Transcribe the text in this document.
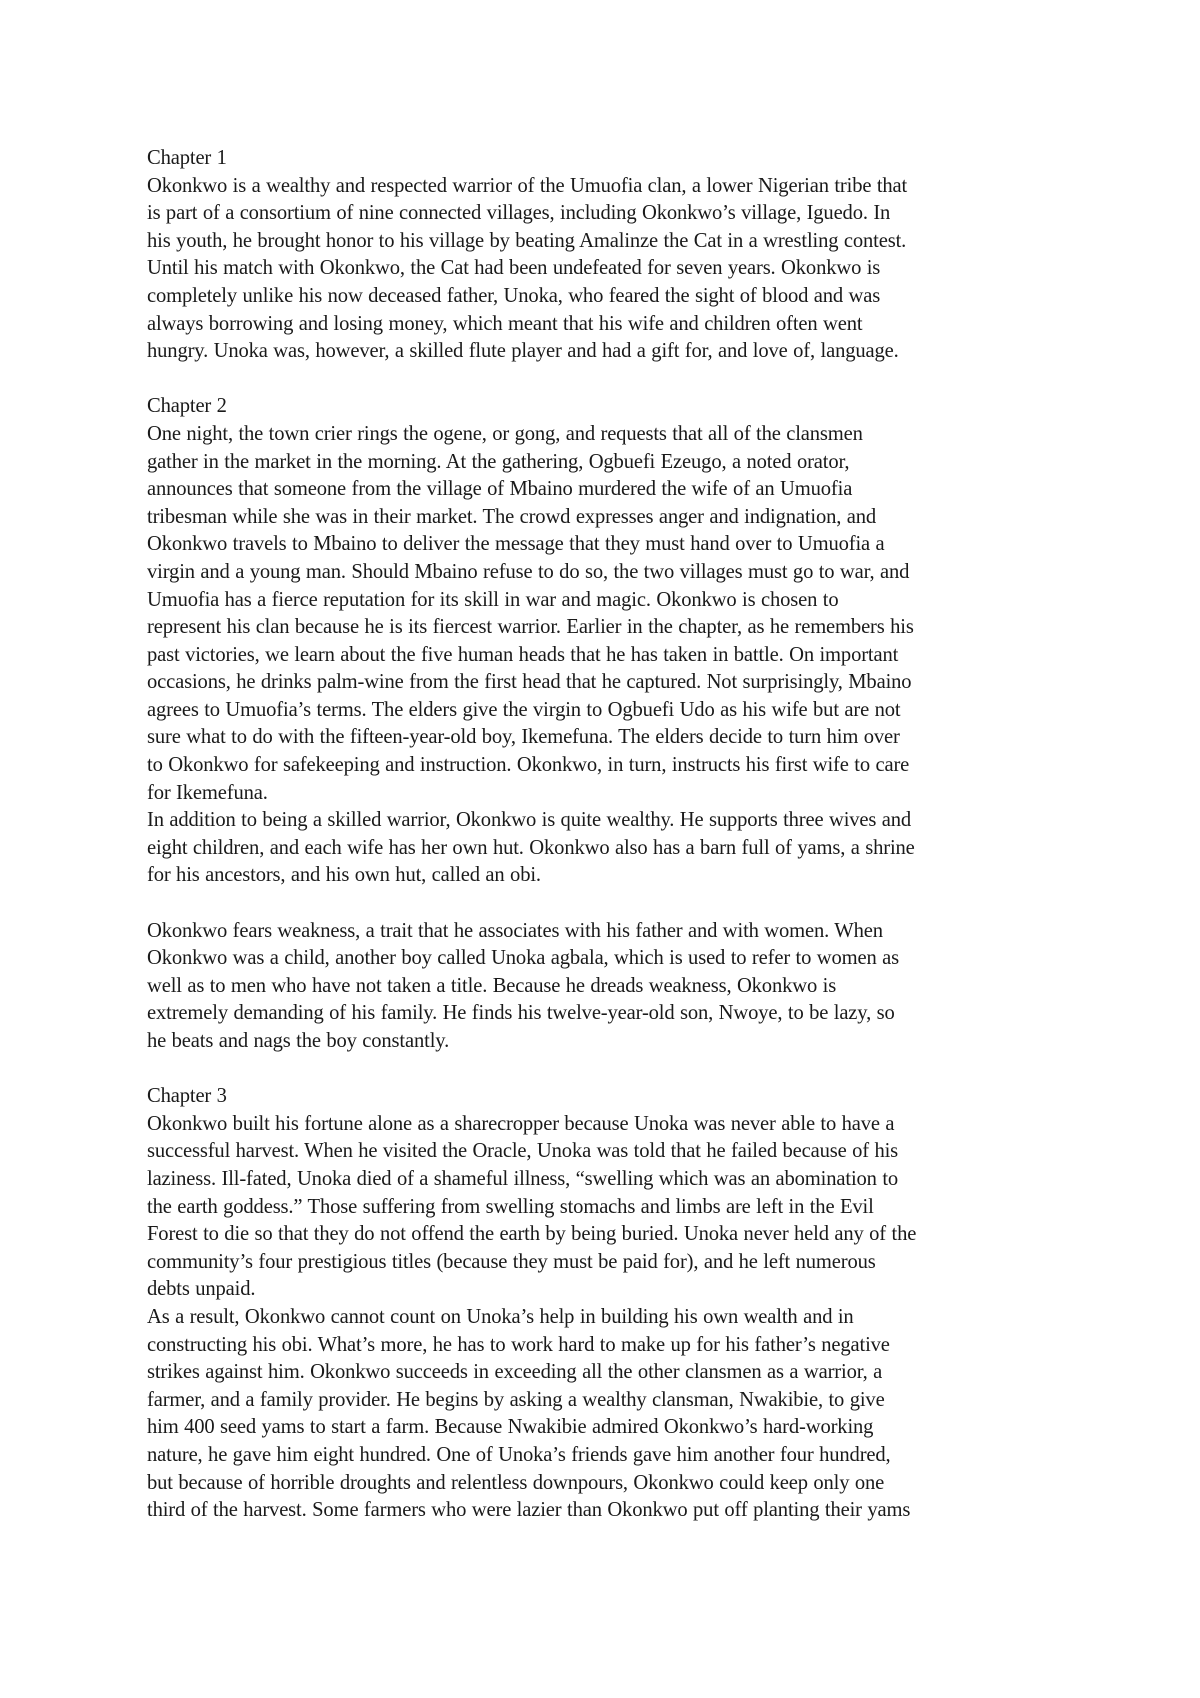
Chapter 1

Okonkwo is a wealthy and respected warrior of the Umuofia clan, a lower Nigerian tribe that
is part of a consortium of nine connected villages, including Okonkwo’s village, Iguedo. In
his youth, he brought honor to his village by beating Amalinze the Cat in a wrestling contest.
Until his match with Okonkwo, the Cat had been undefeated for seven years. Okonkwo is
completely unlike his now deceased father, Unoka, who feared the sight of blood and was
always borrowing and losing money, which meant that his wife and children often went
hungry. Unoka was, however, a skilled flute player and had a gift for, and love of, language.

Chapter 2

One night, the town crier rings the ogene, or gong, and requests that all of the clansmen
gather in the market in the morning. At the gathering, Ogbuefi Ezeugo, a noted orator,
announces that someone from the village of Mbaino murdered the wife of an Umuofia
tribesman while she was in their market. The crowd expresses anger and indignation, and
Okonkwo travels to Mbaino to deliver the message that they must hand over to Umuofia a
virgin and a young man. Should Mbaino refuse to do so, the two villages must go to war, and
Umuofia has a fierce reputation for its skill in war and magic. Okonkwo is chosen to
represent his clan because he is its fiercest warrior. Earlier in the chapter, as he remembers his
past victories, we learn about the five human heads that he has taken in battle. On important
occasions, he drinks palm-wine from the first head that he captured. Not surprisingly, Mbaino
agrees to Umuofia’s terms. The elders give the virgin to Ogbuefi Udo as his wife but are not
sure what to do with the fifteen-year-old boy, Ikemefuna. The elders decide to turn him over
to Okonkwo for safekeeping and instruction. Okonkwo, in turn, instructs his first wife to care
for Ikemefuna.
In addition to being a skilled warrior, Okonkwo is quite wealthy. He supports three wives and
eight children, and each wife has her own hut. Okonkwo also has a barn full of yams, a shrine
for his ancestors, and his own hut, called an obi.
Okonkwo fears weakness, a trait that he associates with his father and with women. When
Okonkwo was a child, another boy called Unoka agbala, which is used to refer to women as
well as to men who have not taken a title. Because he dreads weakness, Okonkwo is
extremely demanding of his family. He finds his twelve-year-old son, Nwoye, to be lazy, so
he beats and nags the boy constantly.

Chapter 3

Okonkwo built his fortune alone as a sharecropper because Unoka was never able to have a
successful harvest. When he visited the Oracle, Unoka was told that he failed because of his
laziness. Ill-fated, Unoka died of a shameful illness, “swelling which was an abomination to
the earth goddess.” Those suffering from swelling stomachs and limbs are left in the Evil
Forest to die so that they do not offend the earth by being buried. Unoka never held any of the
community’s four prestigious titles (because they must be paid for), and he left numerous
debts unpaid.
As a result, Okonkwo cannot count on Unoka’s help in building his own wealth and in
constructing his obi. What’s more, he has to work hard to make up for his father’s negative
strikes against him. Okonkwo succeeds in exceeding all the other clansmen as a warrior, a
farmer, and a family provider. He begins by asking a wealthy clansman, Nwakibie, to give
him 400 seed yams to start a farm. Because Nwakibie admired Okonkwo’s hard-working
nature, he gave him eight hundred. One of Unoka’s friends gave him another four hundred,
but because of horrible droughts and relentless downpours, Okonkwo could keep only one
third of the harvest. Some farmers who were lazier than Okonkwo put off planting their yams
